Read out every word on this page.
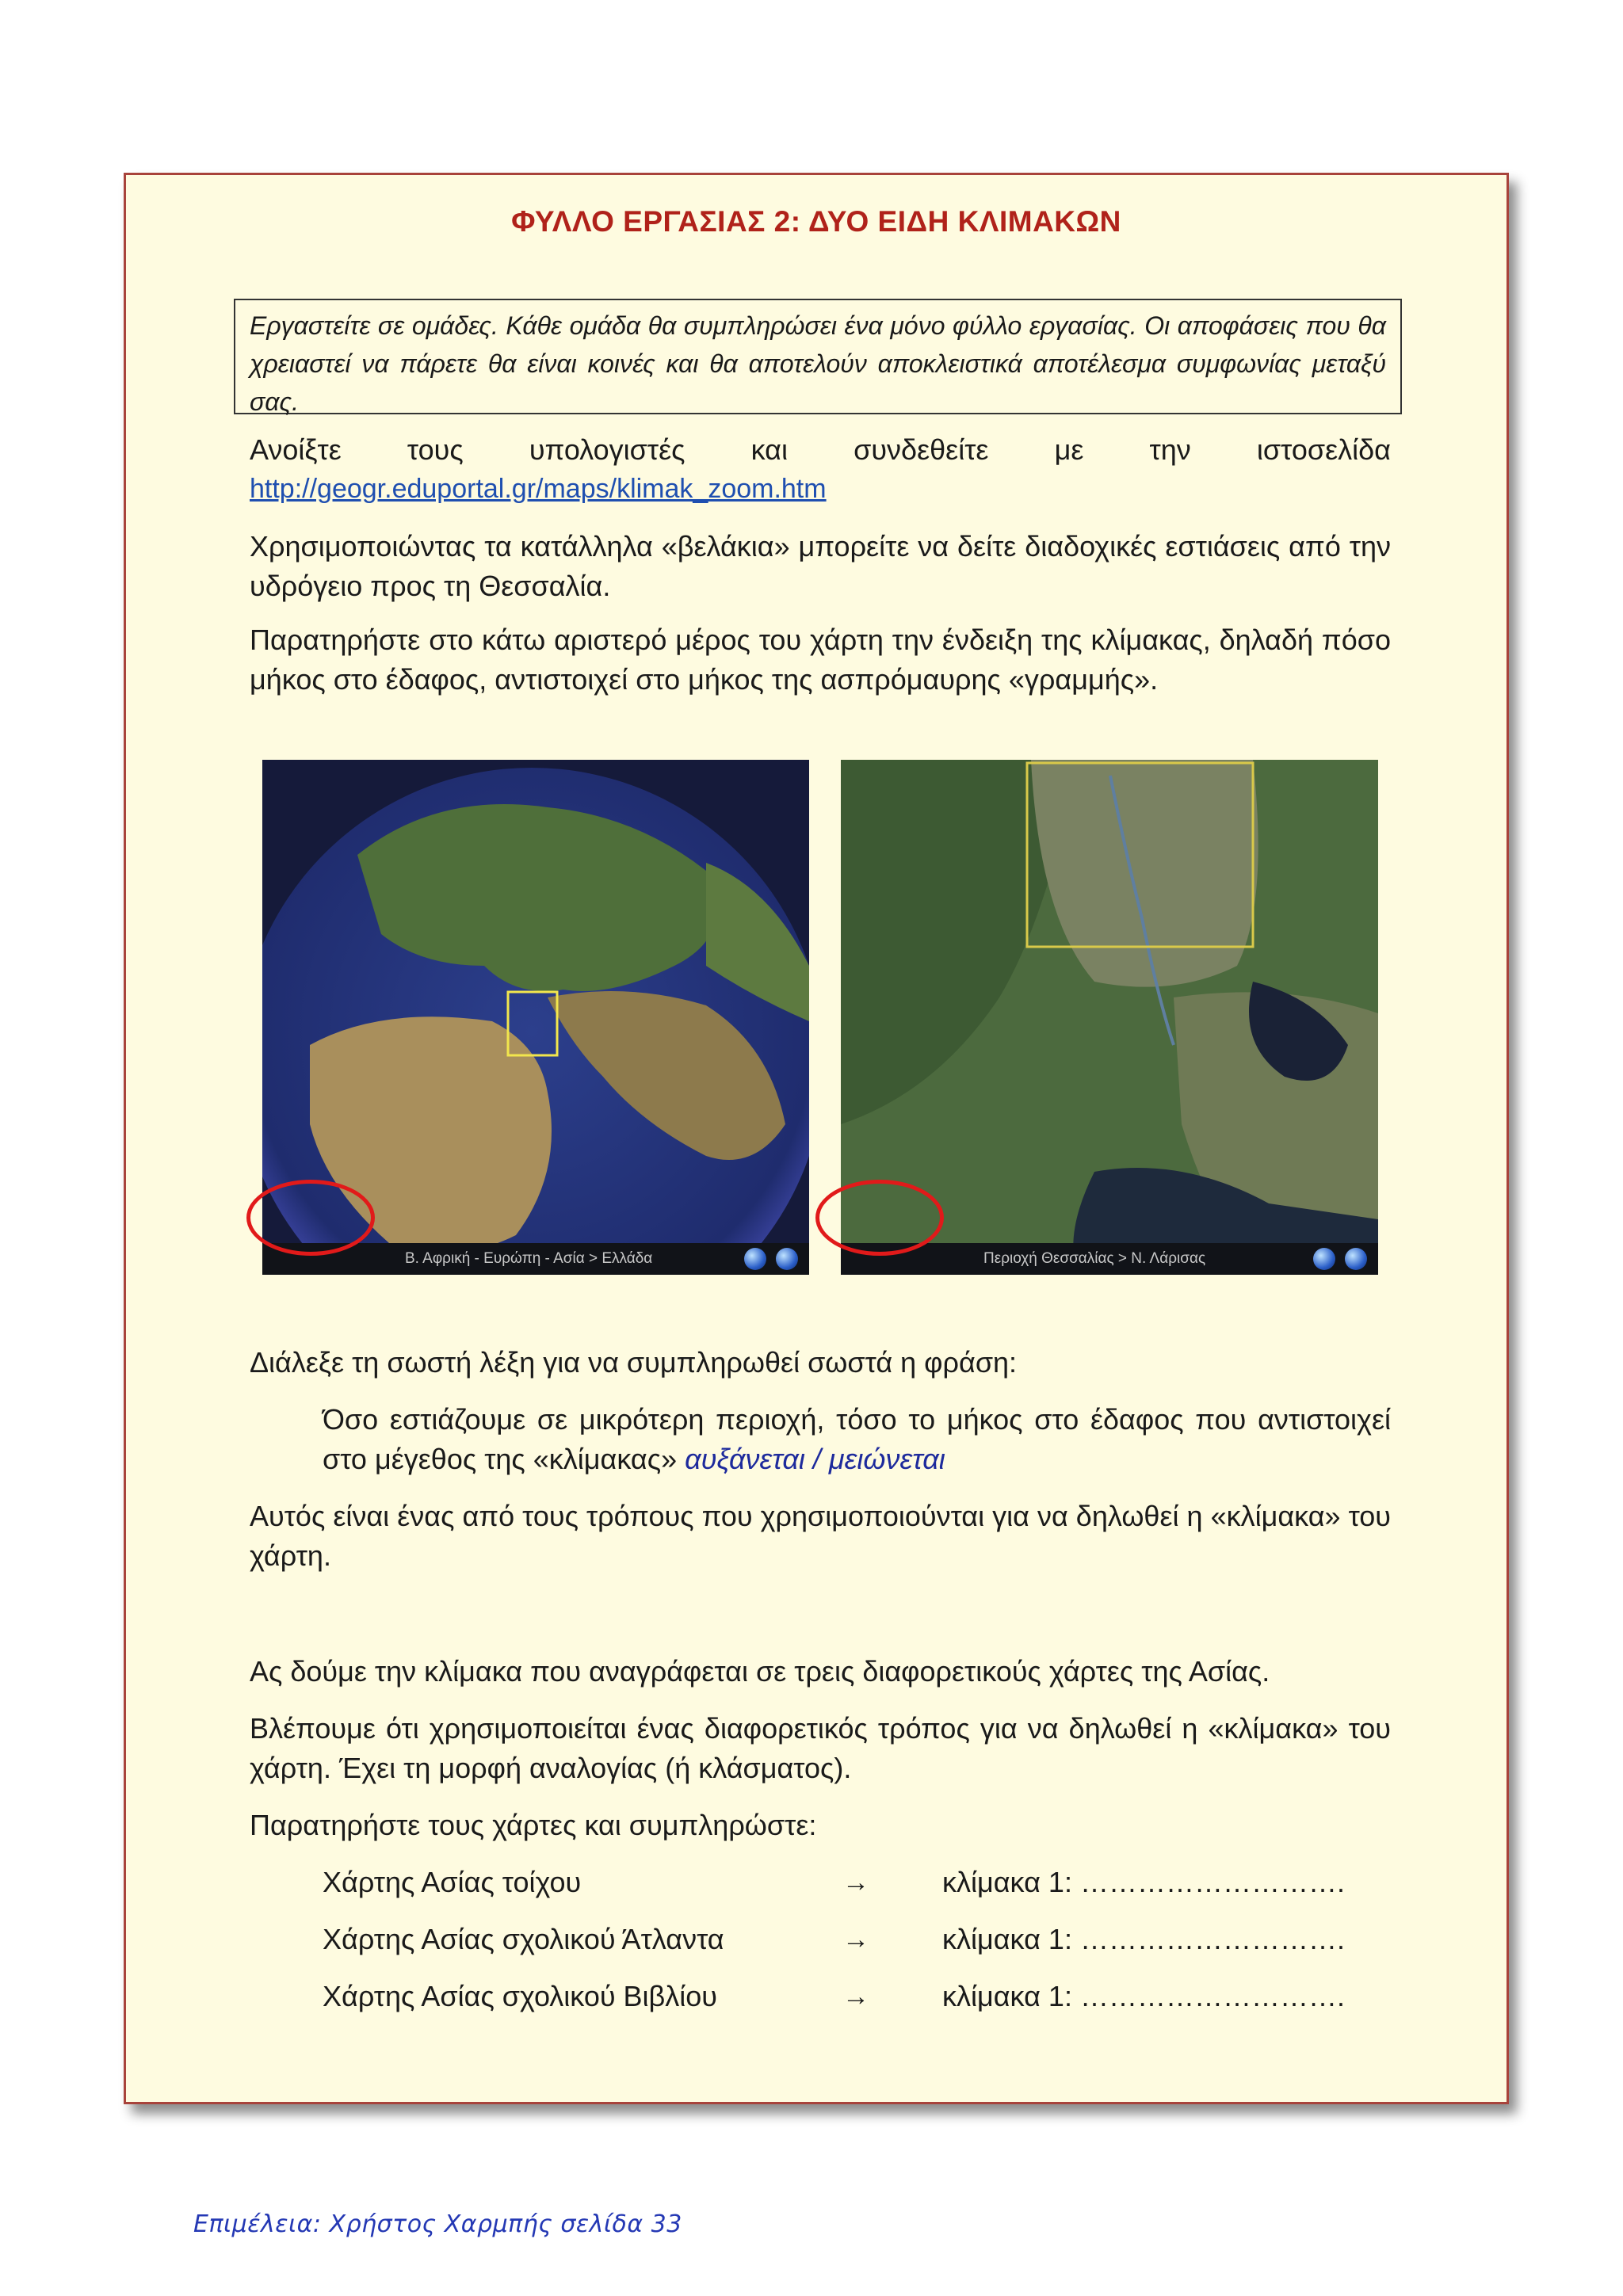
ΦΥΛΛΟ ΕΡΓΑΣΙΑΣ 2: ΔΥΟ ΕΙΔΗ ΚΛΙΜΑΚΩΝ
Εργαστείτε σε ομάδες. Κάθε ομάδα θα συμπληρώσει ένα μόνο φύλλο εργασίας. Οι αποφάσεις που θα χρειαστεί να πάρετε θα είναι κοινές και θα αποτελούν αποκλειστικά αποτέλεσμα συμφωνίας μεταξύ σας.
Ανοίξτε τους υπολογιστές και συνδεθείτε με την ιστοσελίδα
http://geogr.eduportal.gr/maps/klimak_zoom.htm
Χρησιμοποιώντας τα κατάλληλα «βελάκια» μπορείτε να δείτε διαδοχικές εστιάσεις από την υδρόγειο προς τη Θεσσαλία.
Παρατηρήστε στο κάτω αριστερό μέρος του χάρτη την ένδειξη της κλίμακας, δηλαδή πόσο μήκος στο έδαφος, αντιστοιχεί στο μήκος της ασπρόμαυρης «γραμμής».
Β. Αφρική - Ευρώπη - Ασία > Ελλάδα	Περιοχή Θεσσαλίας > Ν. Λάρισας
Διάλεξε τη σωστή λέξη για να συμπληρωθεί σωστά η φράση:
Όσο εστιάζουμε σε μικρότερη περιοχή, τόσο το μήκος στο έδαφος που αντιστοιχεί στο μέγεθος της «κλίμακας» αυξάνεται / μειώνεται
Αυτός είναι ένας από τους τρόπους που χρησιμοποιούνται για να δηλωθεί η «κλίμακα» του χάρτη.
Ας δούμε την κλίμακα που αναγράφεται σε τρεις διαφορετικούς χάρτες της Ασίας.
Βλέπουμε ότι χρησιμοποιείται ένας διαφορετικός τρόπος για να δηλωθεί η «κλίμακα» του χάρτη. Έχει τη μορφή αναλογίας (ή κλάσματος).
Παρατηρήστε τους χάρτες και συμπληρώστε:
Χάρτης Ασίας τοίχου	→	κλίμακα 1: ……………………….
Χάρτης Ασίας σχολικού Άτλαντα	→	κλίμακα 1: ……………………….
Χάρτης Ασίας σχολικού Βιβλίου	→	κλίμακα 1: ……………………….
Επιμέλεια: Χρήστος Χαρμπής σελίδα 33
